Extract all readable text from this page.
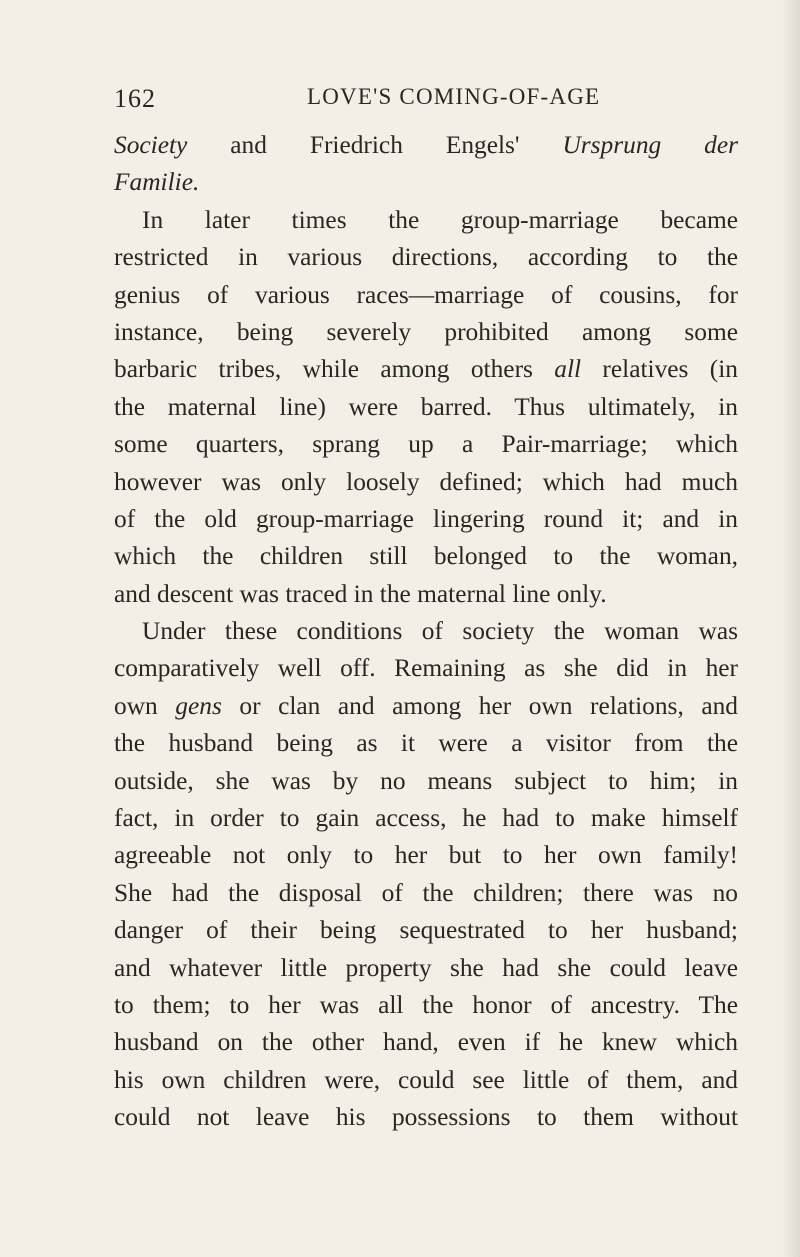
162	LOVE'S COMING-OF-AGE
Society and Friedrich Engels' Ursprung der
Familie.
In later times the group-marriage became
restricted in various directions, according to the
genius of various races—marriage of cousins, for
instance, being severely prohibited among some
barbaric tribes, while among others all relatives (in
the maternal line) were barred. Thus ultimately, in
some quarters, sprang up a Pair-marriage; which
however was only loosely defined; which had much
of the old group-marriage lingering round it; and in
which the children still belonged to the woman,
and descent was traced in the maternal line only.
Under these conditions of society the woman was
comparatively well off. Remaining as she did in her
own gens or clan and among her own relations, and
the husband being as it were a visitor from the
outside, she was by no means subject to him; in
fact, in order to gain access, he had to make himself
agreeable not only to her but to her own family!
She had the disposal of the children; there was no
danger of their being sequestrated to her husband;
and whatever little property she had she could leave
to them; to her was all the honor of ancestry. The
husband on the other hand, even if he knew which
his own children were, could see little of them, and
could not leave his possessions to them without
